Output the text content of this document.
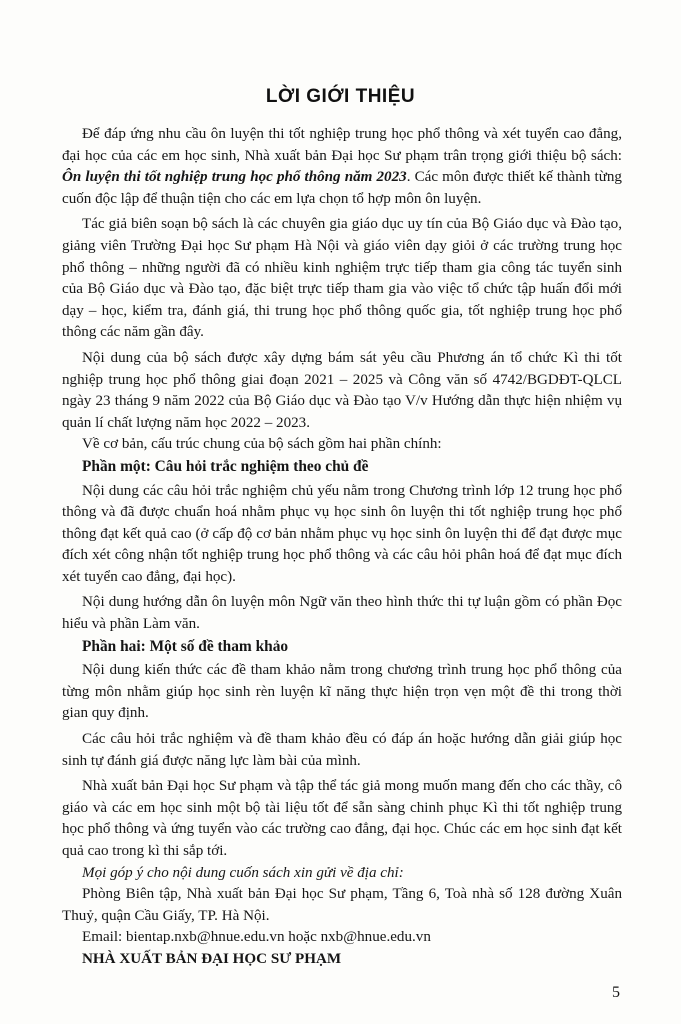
LỜI GIỚI THIỆU

Để đáp ứng nhu cầu ôn luyện thi tốt nghiệp trung học phổ thông và xét tuyển cao đẳng, đại học của các em học sinh, Nhà xuất bản Đại học Sư phạm trân trọng giới thiệu bộ sách: Ôn luyện thi tốt nghiệp trung học phổ thông năm 2023. Các môn được thiết kế thành từng cuốn độc lập để thuận tiện cho các em lựa chọn tổ hợp môn ôn luyện.

Tác giả biên soạn bộ sách là các chuyên gia giáo dục uy tín của Bộ Giáo dục và Đào tạo, giảng viên Trường Đại học Sư phạm Hà Nội và giáo viên dạy giỏi ở các trường trung học phổ thông – những người đã có nhiều kinh nghiệm trực tiếp tham gia công tác tuyển sinh của Bộ Giáo dục và Đào tạo, đặc biệt trực tiếp tham gia vào việc tổ chức tập huấn đổi mới dạy – học, kiểm tra, đánh giá, thi trung học phổ thông quốc gia, tốt nghiệp trung học phổ thông các năm gần đây.

Nội dung của bộ sách được xây dựng bám sát yêu cầu Phương án tổ chức Kì thi tốt nghiệp trung học phổ thông giai đoạn 2021 – 2025 và Công văn số 4742/BGDĐT-QLCL ngày 23 tháng 9 năm 2022 của Bộ Giáo dục và Đào tạo V/v Hướng dẫn thực hiện nhiệm vụ quản lí chất lượng năm học 2022 – 2023.

Về cơ bản, cấu trúc chung của bộ sách gồm hai phần chính:

Phần một: Câu hỏi trắc nghiệm theo chủ đề

Nội dung các câu hỏi trắc nghiệm chủ yếu nằm trong Chương trình lớp 12 trung học phổ thông và đã được chuẩn hoá nhằm phục vụ học sinh ôn luyện thi tốt nghiệp trung học phổ thông đạt kết quả cao (ở cấp độ cơ bản nhằm phục vụ học sinh ôn luyện thi để đạt được mục đích xét công nhận tốt nghiệp trung học phổ thông và các câu hỏi phân hoá để đạt mục đích xét tuyển cao đẳng, đại học).

Nội dung hướng dẫn ôn luyện môn Ngữ văn theo hình thức thi tự luận gồm có phần Đọc hiểu và phần Làm văn.

Phần hai: Một số đề tham khảo

Nội dung kiến thức các đề tham khảo nằm trong chương trình trung học phổ thông của từng môn nhằm giúp học sinh rèn luyện kĩ năng thực hiện trọn vẹn một đề thi trong thời gian quy định.

Các câu hỏi trắc nghiệm và đề tham khảo đều có đáp án hoặc hướng dẫn giải giúp học sinh tự đánh giá được năng lực làm bài của mình.

Nhà xuất bản Đại học Sư phạm và tập thể tác giả mong muốn mang đến cho các thầy, cô giáo và các em học sinh một bộ tài liệu tốt để sẵn sàng chinh phục Kì thi tốt nghiệp trung học phổ thông và ứng tuyển vào các trường cao đẳng, đại học. Chúc các em học sinh đạt kết quả cao trong kì thi sắp tới.

Mọi góp ý cho nội dung cuốn sách xin gửi về địa chỉ:

Phòng Biên tập, Nhà xuất bản Đại học Sư phạm, Tầng 6, Toà nhà số 128 đường Xuân Thuỷ, quận Cầu Giấy, TP. Hà Nội.

Email: bientap.nxb@hnue.edu.vn hoặc nxb@hnue.edu.vn

NHÀ XUẤT BẢN ĐẠI HỌC SƯ PHẠM

5
